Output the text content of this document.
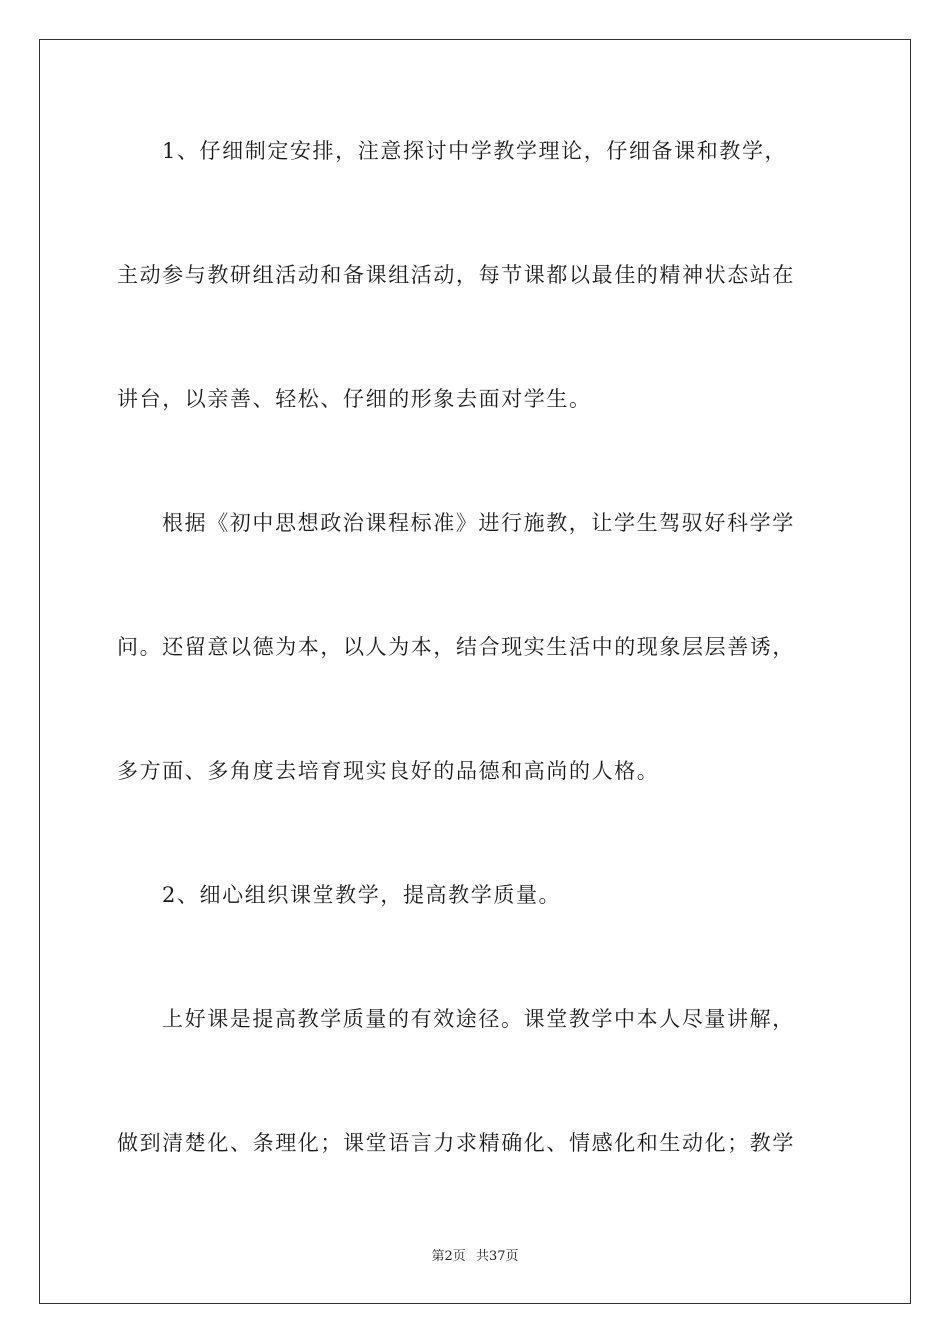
1、仔细制定安排，注意探讨中学教学理论，仔细备课和教学，
主动参与教研组活动和备课组活动，每节课都以最佳的精神状态站在
讲台，以亲善、轻松、仔细的形象去面对学生。
根据《初中思想政治课程标准》进行施教，让学生驾驭好科学学
问。还留意以德为本，以人为本，结合现实生活中的现象层层善诱，
多方面、多角度去培育现实良好的品德和高尚的人格。
2、细心组织课堂教学，提高教学质量。
上好课是提高教学质量的有效途径。课堂教学中本人尽量讲解，
做到清楚化、条理化；课堂语言力求精确化、情感化和生动化；教学
第2页 共37页
